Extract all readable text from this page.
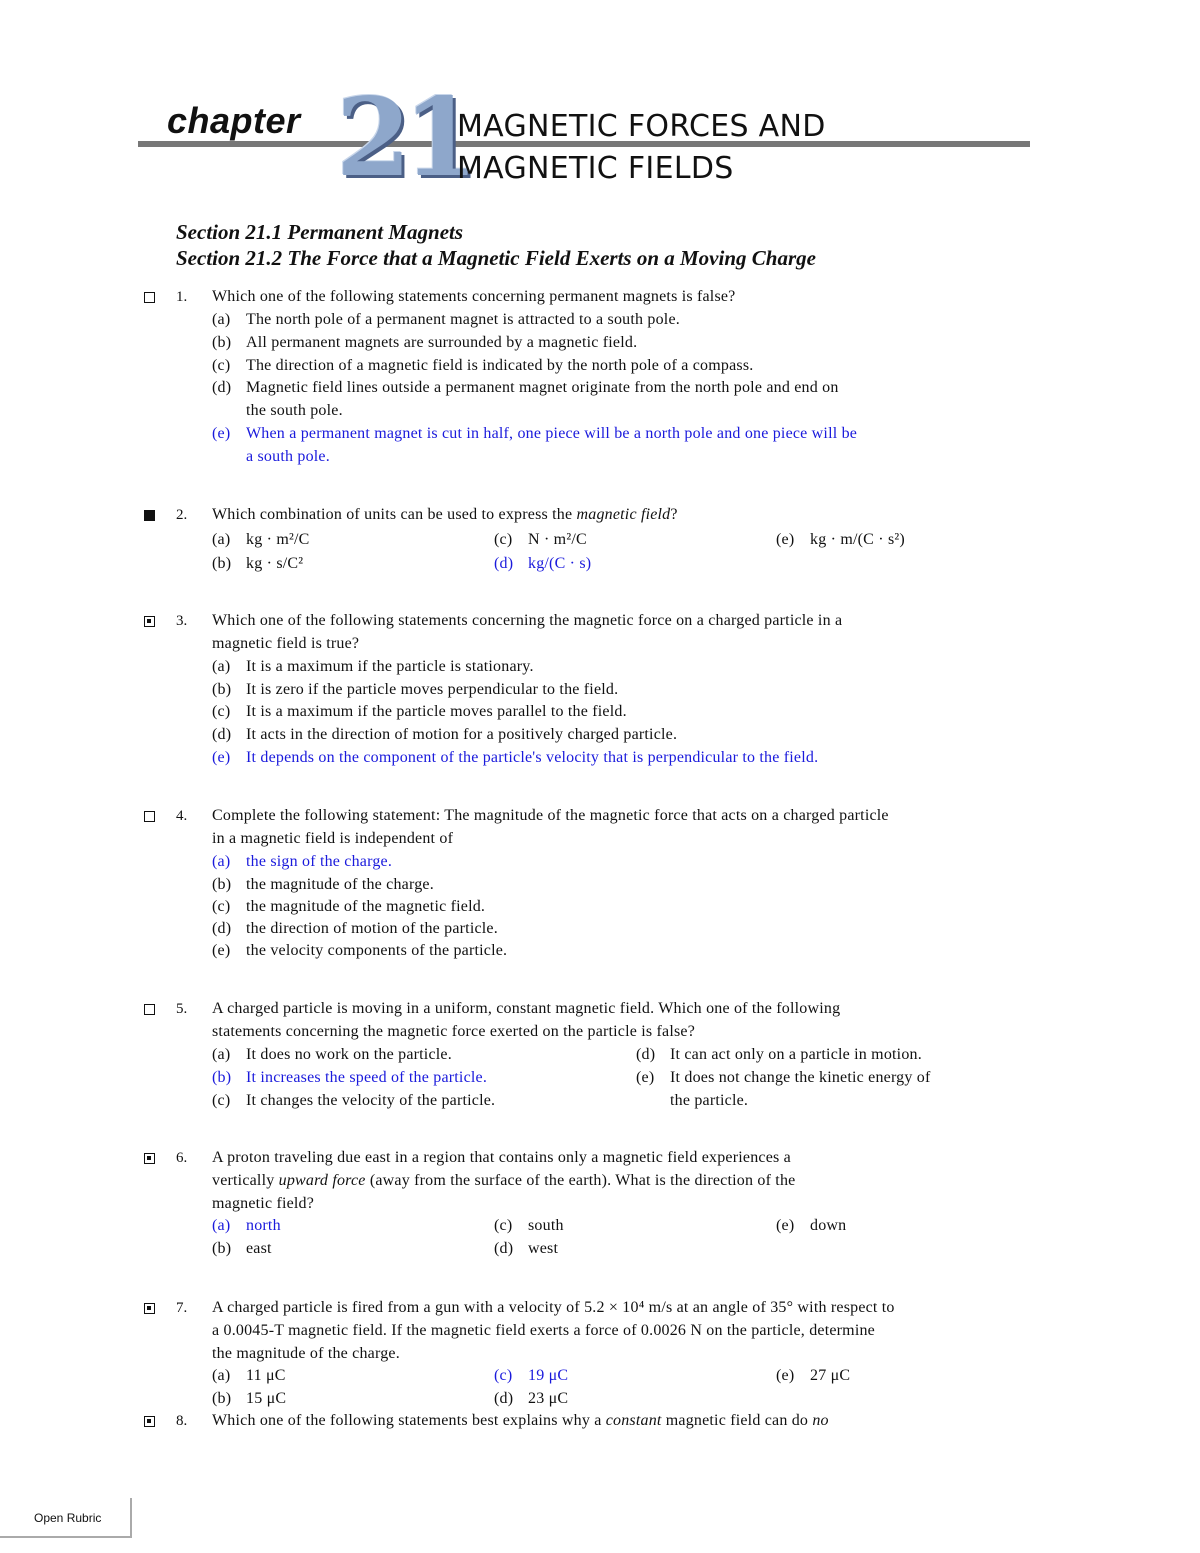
chapter 21
MAGNETIC FORCES AND
MAGNETIC FIELDS
Section 21.1 Permanent Magnets
Section 21.2 The Force that a Magnetic Field Exerts on a Moving Charge
1. Which one of the following statements concerning permanent magnets is false?
(a) The north pole of a permanent magnet is attracted to a south pole.
(b) All permanent magnets are surrounded by a magnetic field.
(c) The direction of a magnetic field is indicated by the north pole of a compass.
(d) Magnetic field lines outside a permanent magnet originate from the north pole and end on
the south pole.
(e) When a permanent magnet is cut in half, one piece will be a north pole and one piece will be
a south pole.
2. Which combination of units can be used to express the magnetic field?
(a) kg · m²/C
(b) kg · s/C²
(c) N · m²/C
(d) kg/(C · s)
(e) kg · m/(C · s²)
3. Which one of the following statements concerning the magnetic force on a charged particle in a
magnetic field is true?
(a) It is a maximum if the particle is stationary.
(b) It is zero if the particle moves perpendicular to the field.
(c) It is a maximum if the particle moves parallel to the field.
(d) It acts in the direction of motion for a positively charged particle.
(e) It depends on the component of the particle's velocity that is perpendicular to the field.
4. Complete the following statement: The magnitude of the magnetic force that acts on a charged particle
in a magnetic field is independent of
(a) the sign of the charge.
(b) the magnitude of the charge.
(c) the magnitude of the magnetic field.
(d) the direction of motion of the particle.
(e) the velocity components of the particle.
5. A charged particle is moving in a uniform, constant magnetic field. Which one of the following
statements concerning the magnetic force exerted on the particle is false?
(a) It does no work on the particle.
(b) It increases the speed of the particle.
(c) It changes the velocity of the particle.
(d) It can act only on a particle in motion.
(e) It does not change the kinetic energy of
the particle.
6. A proton traveling due east in a region that contains only a magnetic field experiences a
vertically upward force (away from the surface of the earth). What is the direction of the
magnetic field?
(a) north
(b) east
(c) south
(d) west
(e) down
7. A charged particle is fired from a gun with a velocity of 5.2 × 10⁴ m/s at an angle of 35° with respect to
a 0.0045-T magnetic field. If the magnetic field exerts a force of 0.0026 N on the particle, determine
the magnitude of the charge.
(a) 11 μC
(b) 15 μC
(c) 19 μC
(d) 23 μC
(e) 27 μC
8. Which one of the following statements best explains why a constant magnetic field can do no
Open Rubric
